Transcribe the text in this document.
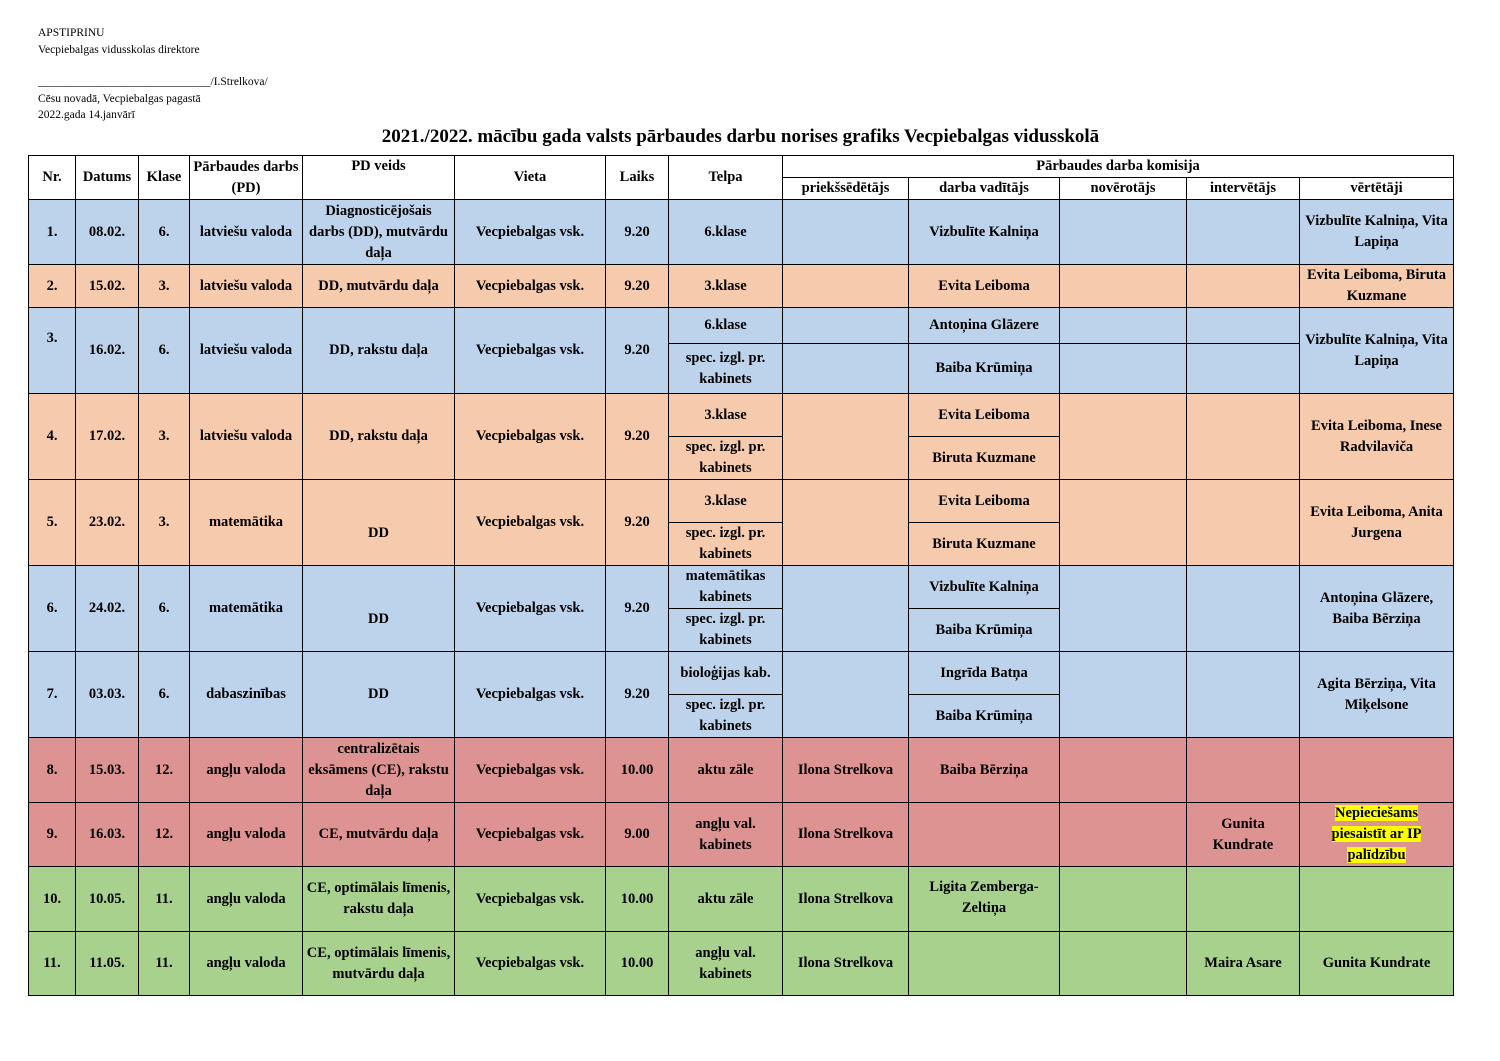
APSTIPRINU
Vecpiebalgas vidusskolas direktore
______________________________/I.Strelkova/
Cēsu novadā, Vecpiebalgas pagastā
2022.gada 14.janvārī
2021./2022. mācību gada valsts pārbaudes darbu norises grafiks Vecpiebalgas vidusskolā
Nr.	Datums	Klase	Pārbaudes darbs (PD)	PD veids	Vieta	Laiks	Telpa	Pārbaudes darba komisija				
								priekšsēdētājs	darba vadītājs	novērotājs	intervētājs	vērtētāji
1.	08.02.	6.	latviešu valoda	Diagnosticējošais darbs (DD), mutvārdu daļa	Vecpiebalgas vsk.	9.20	6.klase		Vizbulīte Kalniņa			Vizbulīte Kalniņa, Vita Lapiņa
2.	15.02.	3.	latviešu valoda	DD, mutvārdu daļa	Vecpiebalgas vsk.	9.20	3.klase		Evita Leiboma			Evita Leiboma, Biruta Kuzmane
3.	16.02.	6.	latviešu valoda	DD, rakstu daļa	Vecpiebalgas vsk.	9.20	6.klase		Antoņina Glāzere			Vizbulīte Kalniņa, Vita Lapiņa
							spec. izgl. pr. kabinets		Baiba Krūmiņa			
4.	17.02.	3.	latviešu valoda	DD, rakstu daļa	Vecpiebalgas vsk.	9.20	3.klase		Evita Leiboma			Evita Leiboma, Inese Radvilaviča
							spec. izgl. pr. kabinets		Biruta Kuzmane			
5.	23.02.	3.	matemātika	DD	Vecpiebalgas vsk.	9.20	3.klase		Evita Leiboma			Evita Leiboma, Anita Jurgena
							spec. izgl. pr. kabinets		Biruta Kuzmane			
6.	24.02.	6.	matemātika	DD	Vecpiebalgas vsk.	9.20	matemātikas kabinets		Vizbulīte Kalniņa			Antoņina Glāzere, Baiba Bērziņa
							spec. izgl. pr. kabinets		Baiba Krūmiņa			
7.	03.03.	6.	dabaszinības	DD	Vecpiebalgas vsk.	9.20	bioloģijas kab.		Ingrīda Batņa			Agita Bērziņa, Vita Miķelsone
							spec. izgl. pr. kabinets		Baiba Krūmiņa			
8.	15.03.	12.	angļu valoda	centralizētais eksāmens (CE), rakstu daļa	Vecpiebalgas vsk.	10.00	aktu zāle	Ilona Strelkova	Baiba Bērziņa			
9.	16.03.	12.	angļu valoda	CE, mutvārdu daļa	Vecpiebalgas vsk.	9.00	angļu val. kabinets	Ilona Strelkova			Gunita Kundrate	Nepieciešams piesaistīt ar IP palīdzību
10.	10.05.	11.	angļu valoda	CE, optimālais līmenis, rakstu daļa	Vecpiebalgas vsk.	10.00	aktu zāle	Ilona Strelkova	Ligita Zemberga-Zeltiņa			
11.	11.05.	11.	angļu valoda	CE, optimālais līmenis, mutvārdu daļa	Vecpiebalgas vsk.	10.00	angļu val. kabinets	Ilona Strelkova			Maira Asare	Gunita Kundrate
